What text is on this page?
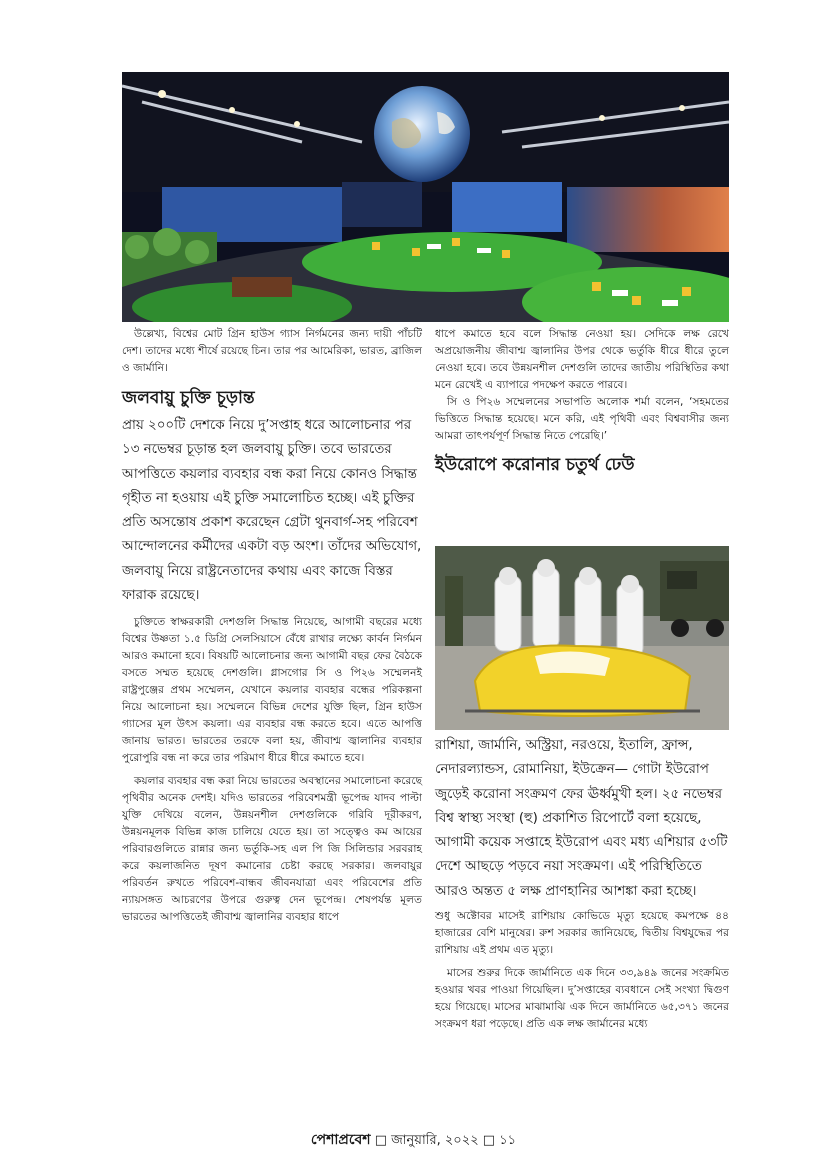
উল্লেখ্য, বিশ্বের মোট গ্রিন হাউস গ্যাস নির্গমনের জন্য দায়ী পাঁচটি দেশ। তাদের মধ্যে শীর্ষে রয়েছে চিন। তার পর আমেরিকা, ভারত, ব্রাজিল ও জার্মানি।

জলবায়ু চুক্তি চূড়ান্ত

প্রায় ২০০টি দেশকে নিয়ে দু’সপ্তাহ ধরে আলোচনার পর ১৩ নভেম্বর চূড়ান্ত হল জলবায়ু চুক্তি। তবে ভারতের আপত্তিতে কয়লার ব্যবহার বন্ধ করা নিয়ে কোনও সিদ্ধান্ত গৃহীত না হওয়ায় এই চুক্তি সমালোচিত হচ্ছে। এই চুক্তির প্রতি অসন্তোষ প্রকাশ করেছেন গ্রেটা থুনবার্গ-সহ পরিবেশ আন্দোলনের কর্মীদের একটা বড় অংশ। তাঁদের অভিযোগ, জলবায়ু নিয়ে রাষ্ট্রনেতাদের কথায় এবং কাজে বিস্তর ফারাক রয়েছে।

চুক্তিতে স্বাক্ষরকারী দেশগুলি সিদ্ধান্ত নিয়েছে, আগামী বছরের মধ্যে বিশ্বের উষ্ণতা ১.৫ ডিগ্রি সেলসিয়াসে বেঁধে রাখার লক্ষ্যে কার্বন নির্গমন আরও কমানো হবে। বিষয়টি আলোচনার জন্য আগামী বছর ফের বৈঠকে বসতে সম্মত হয়েছে দেশগুলি। গ্লাসগোর সি ও পি২৬ সম্মেলনই রাষ্ট্রপুঞ্জের প্রথম সম্মেলন, যেখানে কয়লার ব্যবহার বন্ধের পরিকল্পনা নিয়ে আলোচনা হয়। সম্মেলনে বিভিন্ন দেশের যুক্তি ছিল, গ্রিন হাউস গ্যাসের মূল উৎস কয়লা। এর ব্যবহার বন্ধ করতে হবে। এতে আপত্তি জানায় ভারত। ভারতের তরফে বলা হয়, জীবাশ্ম জ্বালানির ব্যবহার পুরোপুরি বন্ধ না করে তার পরিমাণ ধীরে ধীরে কমাতে হবে।

কয়লার ব্যবহার বন্ধ করা নিয়ে ভারতের অবস্থানের সমালোচনা করেছে পৃথিবীর অনেক দেশই। যদিও ভারতের পরিবেশমন্ত্রী ভূপেন্দ্র যাদব পাল্টা যুক্তি দেখিয়ে বলেন, উন্নয়নশীল দেশগুলিকে গরিবি দূরীকরণ, উন্নয়নমূলক বিভিন্ন কাজ চালিয়ে যেতে হয়। তা সত্ত্বেও কম আয়ের পরিবারগুলিতে রান্নার জন্য ভর্তুকি-সহ এল পি জি সিলিন্ডার সরবরাহ করে কয়লাজনিত দূষণ কমানোর চেষ্টা করছে সরকার। জলবায়ুর পরিবর্তন রুখতে পরিবেশ-বান্ধব জীবনযাত্রা এবং পরিবেশের প্রতি ন্যায়সঙ্গত আচরণের উপরে গুরুত্ব দেন ভূপেন্দ্র। শেষপর্যন্ত মূলত ভারতের আপত্তিতেই জীবাশ্ম জ্বালানির ব্যবহার ধাপে

ধাপে কমাতে হবে বলে সিদ্ধান্ত নেওয়া হয়। সেদিকে লক্ষ রেখে অপ্রয়োজনীয় জীবাশ্ম জ্বালানির উপর থেকে ভর্তুকি ধীরে ধীরে তুলে নেওয়া হবে। তবে উন্নয়নশীল দেশগুলি তাদের জাতীয় পরিস্থিতির কথা মনে রেখেই এ ব্যাপারে পদক্ষেপ করতে পারবে।

সি ও পি২৬ সম্মেলনের সভাপতি অলোক শর্মা বলেন, ‘সহমতের ভিত্তিতে সিদ্ধান্ত হয়েছে। মনে করি, এই পৃথিবী এবং বিশ্ববাসীর জন্য আমরা তাৎপর্যপূর্ণ সিদ্ধান্ত নিতে পেরেছি।’

ইউরোপে করোনার চতুর্থ ঢেউ

রাশিয়া, জার্মানি, অস্ট্রিয়া, নরওয়ে, ইতালি, ফ্রান্স, নেদারল্যান্ডস, রোমানিয়া, ইউক্রেন— গোটা ইউরোপ জুড়েই করোনা সংক্রমণ ফের ঊর্ধ্বমুখী হল। ২৫ নভেম্বর বিশ্ব স্বাস্থ্য সংস্থা (হু) প্রকাশিত রিপোর্টে বলা হয়েছে, আগামী কয়েক সপ্তাহে ইউরোপ এবং মধ্য এশিয়ার ৫৩টি দেশে আছড়ে পড়বে নয়া সংক্রমণ। এই পরিস্থিতিতে আরও অন্তত ৫ লক্ষ প্রাণহানির আশঙ্কা করা হচ্ছে।

শুধু অক্টোবর মাসেই রাশিয়ায় কোভিডে মৃত্যু হয়েছে কমপক্ষে ৪৪ হাজারের বেশি মানুষের। রুশ সরকার জানিয়েছে, দ্বিতীয় বিশ্বযুদ্ধের পর রাশিয়ায় এই প্রথম এত মৃত্যু।

মাসের শুরুর দিকে জার্মানিতে এক দিনে ৩৩,৯৪৯ জনের সংক্রমিত হওয়ার খবর পাওয়া গিয়েছিল। দু’সপ্তাহের ব্যবধানে সেই সংখ্যা দ্বিগুণ হয়ে গিয়েছে। মাসের মাঝামাঝি এক দিনে জার্মানিতে ৬৫,৩৭১ জনের সংক্রমণ ধরা পড়েছে। প্রতি এক লক্ষ জার্মানের মধ্যে

পেশাপ্রবেশ □ জানুয়ারি, ২০২২ □ ১১
